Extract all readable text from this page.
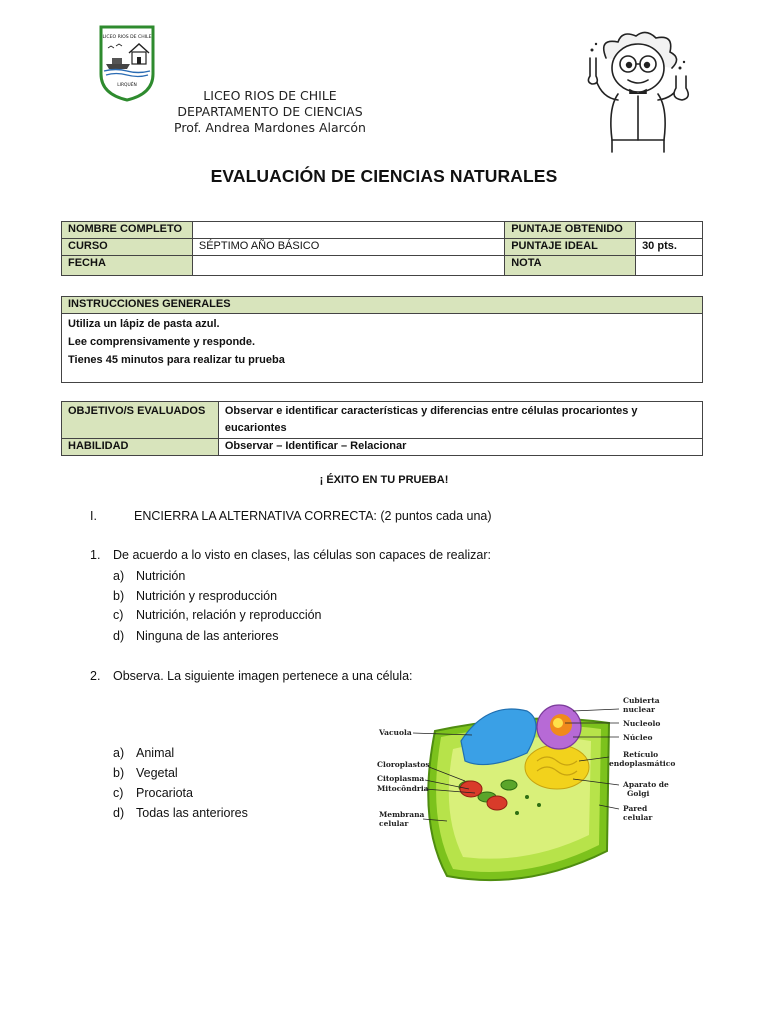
LICEO RIOS DE CHILE
LIRQUÉN
LICEO RIOS DE CHILE
DEPARTAMENTO DE CIENCIAS
Prof. Andrea Mardones Alarcón
EVALUACIÓN DE CIENCIAS NATURALES
NOMBRE COMPLETO		PUNTAJE OBTENIDO	
CURSO	SÉPTIMO AÑO BÁSICO	PUNTAJE IDEAL	30 pts.
FECHA		NOTA	
INSTRUCCIONES GENERALES

Utiliza un lápiz de pasta azul.
Lee comprensivamente y responde.
Tienes 45 minutos para realizar tu prueba
OBJETIVO/S EVALUADOS	Observar e identificar características y diferencias entre células procariontes y eucariontes
HABILIDAD	Observar – Identificar – Relacionar
¡ ÉXITO EN TU PRUEBA!
I.	ENCIERRA LA ALTERNATIVA CORRECTA: (2 puntos cada una)
1. De acuerdo a lo visto en clases, las células son capaces de realizar:
a) Nutrición
b) Nutrición y resproducción
c) Nutrición, relación y reproducción
d) Ninguna de las anteriores
2. Observa. La siguiente imagen pertenece a una célula:
a) Animal
b) Vegetal
c) Procariota
d) Todas las anteriores
Vacuola
Cloroplastos
Citoplasma
Mitocôndria
Membrana
celular
Cubierta
nuclear
Nucleolo
Núcleo
Retículo
endoplasmático
Aparato de
Golgi
Pared
celular
